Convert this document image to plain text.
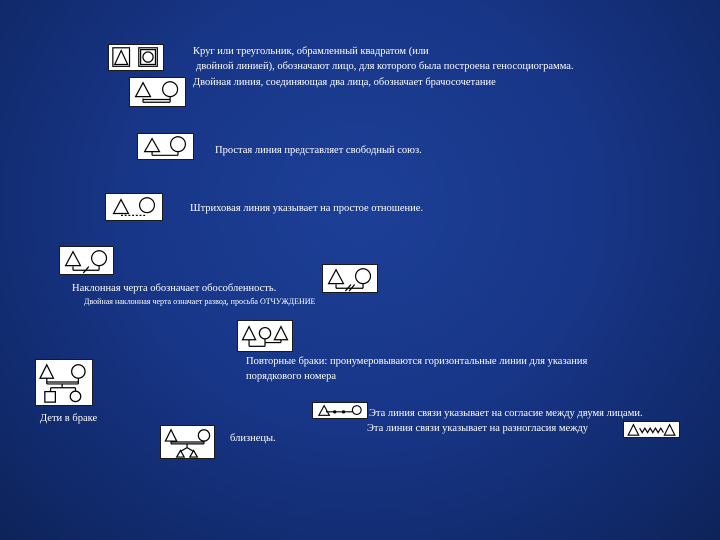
Круг или треугольник, обрамленный квадратом (или
двойной линией), обозначают лицо, для которого была построена геносоциограмма.
Двойная линия, соединяющая два лица, обозначает брачосочетание
Простая линия представляет свободный союз.
Штриховая линия указывает на простое отношение.
Наклонная черта обозначает обособленность.
Двойная наклонная черта означает развод, просьба ОТЧУЖДЕНИЕ
Повторные браки: пронумеровываются горизонтальные линии для указания
порядкового номера
Дети в браке
близнецы.
Эта линия связи указывает на согласие между двумя лицами.
Эта линия связи указывает на разногласия между
